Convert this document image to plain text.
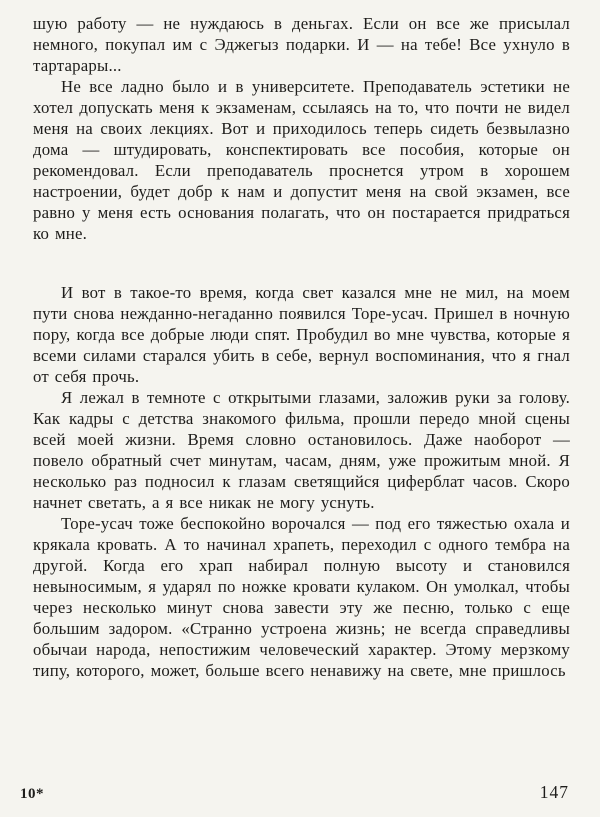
шую работу — не нуждаюсь в деньгах. Если он все же присылал немного, покупал им с Эджегыз подарки. И — на тебе! Все ухнуло в тартарары...

Не все ладно было и в университете. Преподаватель эстетики не хотел допускать меня к экзаменам, ссылаясь на то, что почти не видел меня на своих лекциях. Вот и приходилось теперь сидеть безвылазно дома — штудировать, конспектировать все пособия, которые он рекомендовал. Если преподаватель проснется утром в хорошем настроении, будет добр к нам и допустит меня на свой экзамен, все равно у меня есть основания полагать, что он постарается придраться ко мне.

И вот в такое-то время, когда свет казался мне не мил, на моем пути снова нежданно-негаданно появился Торе-усач. Пришел в ночную пору, когда все добрые люди спят. Пробудил во мне чувства, которые я всеми силами старался убить в себе, вернул воспоминания, что я гнал от себя прочь.

Я лежал в темноте с открытыми глазами, заложив руки за голову. Как кадры с детства знакомого фильма, прошли передо мной сцены всей моей жизни. Время словно остановилось. Даже наоборот — повело обратный счет минутам, часам, дням, уже прожитым мной. Я несколько раз подносил к глазам светящийся циферблат часов. Скоро начнет светать, а я все никак не могу уснуть.

Торе-усач тоже беспокойно ворочался — под его тяжестью охала и крякала кровать. А то начинал храпеть, переходил с одного тембра на другой. Когда его храп набирал полную высоту и становился невыносимым, я ударял по ножке кровати кулаком. Он умолкал, чтобы через несколько минут снова завести эту же песню, только с еще большим задором. «Странно устроена жизнь; не всегда справедливы обычаи народа, непостижим человеческий характер. Этому мерзкому типу, которого, может, больше всего ненавижу на свете, мне пришлось

10*	147
